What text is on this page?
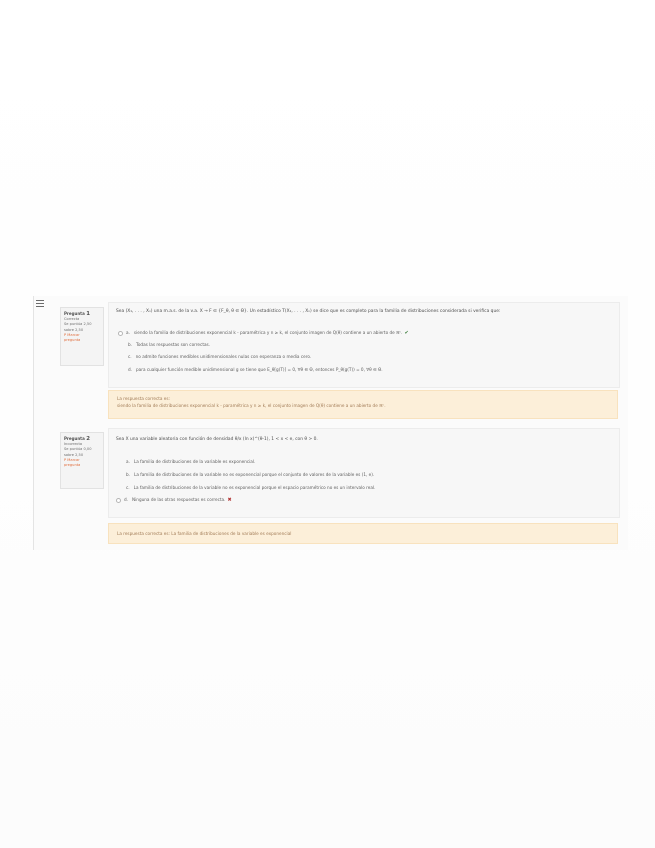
Pregunta 1
Correcta
Se puntúa 2,50
sobre 2,50
P Marcar
pregunta
Sea (X₁, . . . , Xₙ) una m.a.s. de la v.a. X → F ∈ {F_θ, θ ∈ Θ}. Un estadístico T(X₁, . . . , Xₙ) se dice que es completo para la familia de distribuciones considerada si verifica que:
a. siendo la familia de distribuciones exponencial k - paramétrica y n ≥ k, el conjunto imagen de Q(θ) contiene a un abierto de ℝᵏ. ✔
b. Todas las respuestas son correctas.
c. no admite funciones medibles unidimensionales nulas con esperanza o media cero.
d. para cualquier función medible unidimensional g se tiene que E_θ[g(T)] = 0, ∀θ ∈ Θ, entonces P_θ(g(T)) = 0, ∀θ ∈ Θ.
La respuesta correcta es:
siendo la familia de distribuciones exponencial k - paramétrica y n ≥ k, el conjunto imagen de Q(θ) contiene a un abierto de ℝᵏ.
Pregunta 2
Incorrecta
Se puntúa 0,00
sobre 2,50
P Marcar
pregunta
Sea X una variable aleatoria con función de densidad θ/x (ln x)^(θ-1), 1 < x < e, con θ > 0.
a. La familia de distribuciones de la variable es exponencial.
b. La familia de distribuciones de la variable no es exponencial porque el conjunto de valores de la variable es (1, e).
c. La familia de distribuciones de la variable no es exponencial porque el espacio paramétrico no es un intervalo real.
d. Ninguna de las otras respuestas es correcta. ✖
La respuesta correcta es: La familia de distribuciones de la variable es exponencial
